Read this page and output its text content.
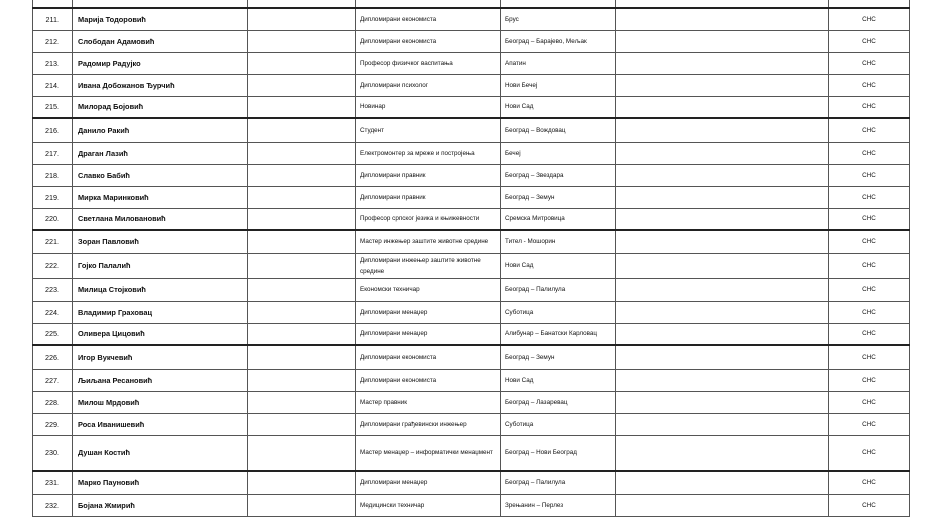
211.	Марија Тодоровић		Дипломирани економиста	Брус		СНС
212.	Слободан Адамовић		Дипломирани економиста	Београд – Барајево, Мељак		СНС
213.	Радомир Радујко		Професор физичког васпитања	Апатин		СНС
214.	Ивана Добожанов Ђурчић		Дипломирани психолог	Нови Бечеј		СНС
215.	Милорад Бојовић		Новинар	Нови Сад		СНС
216.	Данило Ракић		Студент	Београд – Вождовац		СНС
217.	Драган Лазић		Електромонтер за мреже и постројења	Бечеј		СНС
218.	Славко Бабић		Дипломирани правник	Београд – Звездара		СНС
219.	Мирка Маринковић		Дипломирани правник	Београд – Земун		СНС
220.	Светлана Миловановић		Професор српског језика и књижевности	Сремска Митровица		СНС
221.	Зоран Павловић		Мастер инжењер заштите животне средине	Тител - Мошорин		СНС
222.	Гојко Палалић		Дипломирани инжењер заштите животне средине	Нови Сад		СНС
223.	Милица Стојковић		Економски техничар	Београд – Палилула		СНС
224.	Владимир Граховац		Дипломирани менаџер	Суботица		СНС
225.	Оливера Цицовић		Дипломирани менаџер	Алибунар – Банатски Карловац		СНС
226.	Игор Вукчевић		Дипломирани економиста	Београд – Земун		СНС
227.	Љиљана Ресановић		Дипломирани економиста	Нови Сад		СНС
228.	Милош Мрдовић		Мастер правник	Београд – Лазаревац		СНС
229.	Роса Иванишевић		Дипломирани грађевински инжењер	Суботица		СНС
230.	Душан Костић		Мастер менаџер – информатички менаџмент	Београд – Нови Београд		СНС
231.	Марко Пауновић		Дипломирани менаџер	Београд – Палилула		СНС
232.	Бојана Жмирић		Медицински техничар	Зрењанин – Перлез		СНС
